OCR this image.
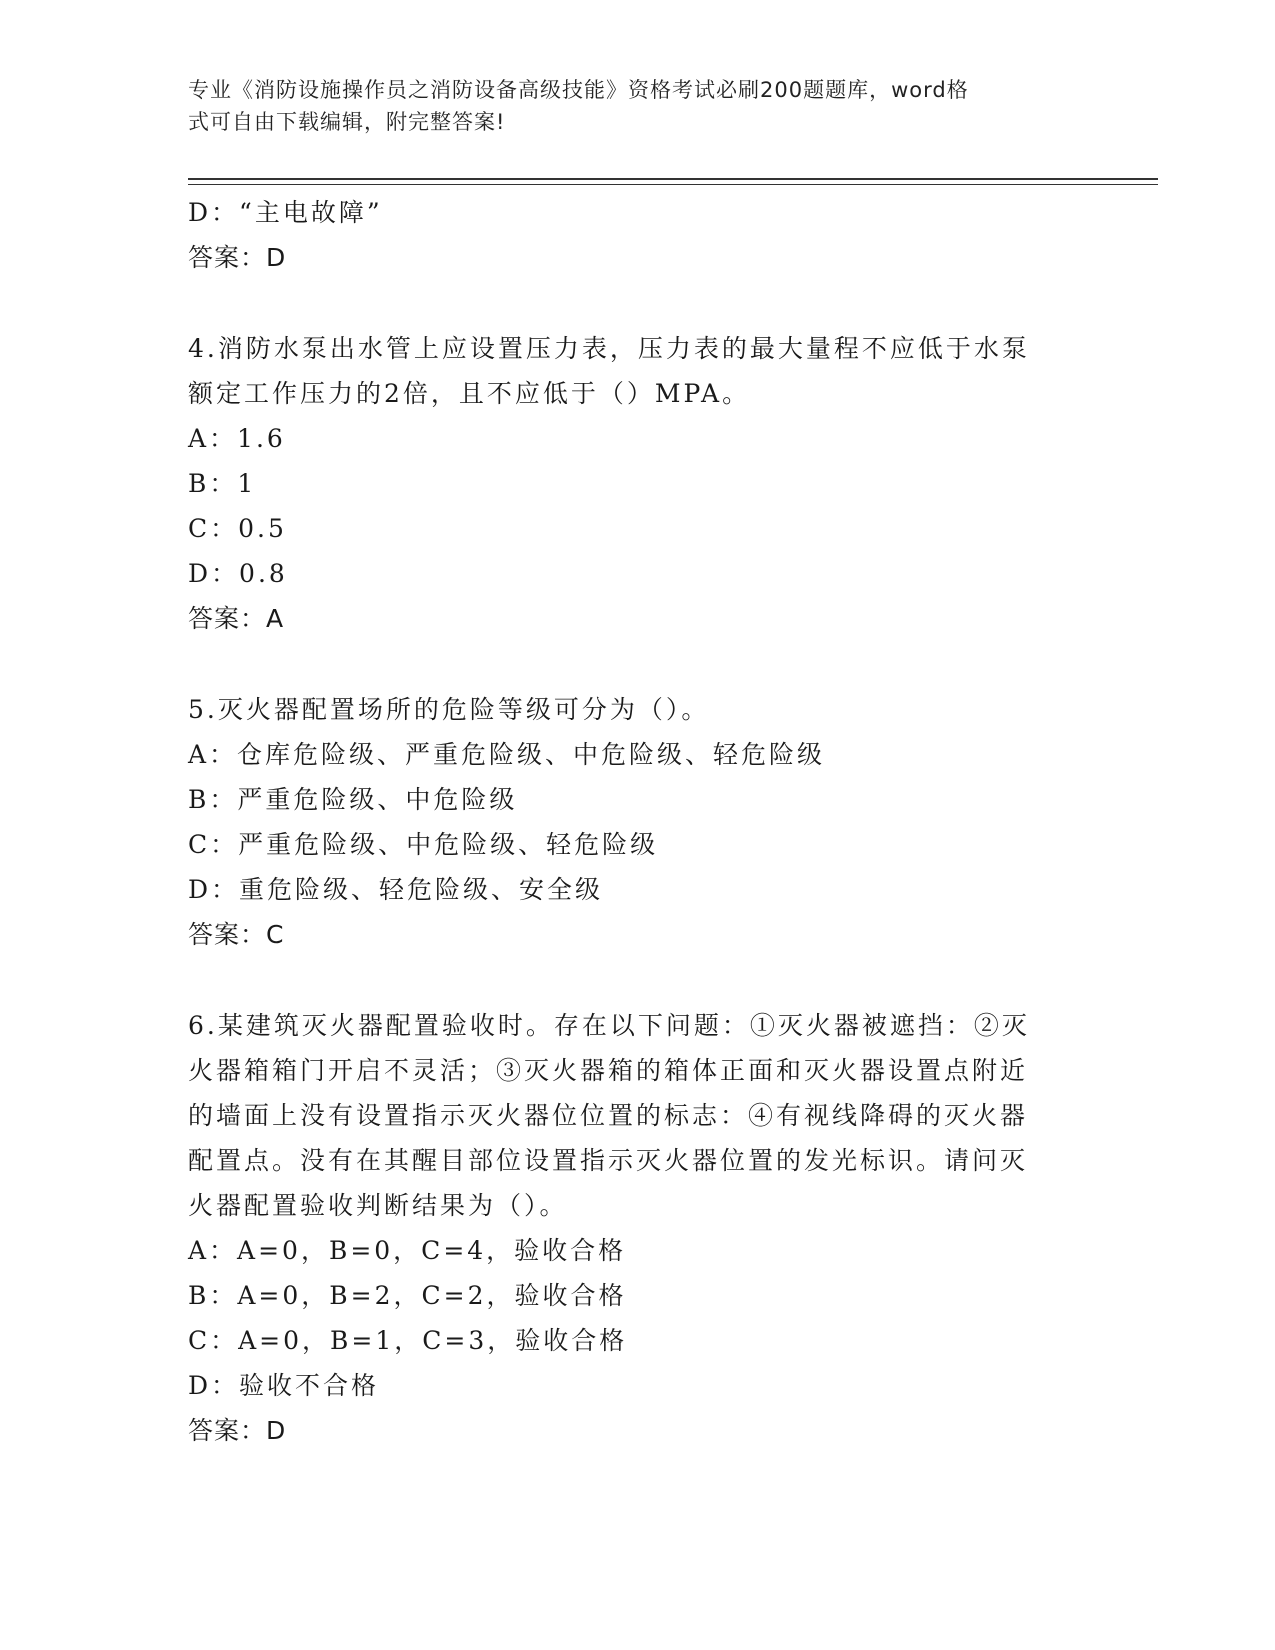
专业《消防设施操作员之消防设备高级技能》资格考试必刷200题题库，word格
式可自由下载编辑，附完整答案!
D：“主电故障”
答案：D
4.消防水泵出水管上应设置压力表，压力表的最大量程不应低于水泵
额定工作压力的2倍，且不应低于（）MPA。
A：1.6
B：1
C：0.5
D：0.8
答案：A
5.灭火器配置场所的危险等级可分为（）。
A：仓库危险级、严重危险级、中危险级、轻危险级
B：严重危险级、中危险级
C：严重危险级、中危险级、轻危险级
D：重危险级、轻危险级、安全级
答案：C
6.某建筑灭火器配置验收时。存在以下问题：①灭火器被遮挡：②灭
火器箱箱门开启不灵活；③灭火器箱的箱体正面和灭火器设置点附近
的墙面上没有设置指示灭火器位位置的标志：④有视线降碍的灭火器
配置点。没有在其醒目部位设置指示灭火器位置的发光标识。请问灭
火器配置验收判断结果为（）。
A：A=0，B=0，C=4，验收合格
B：A=0，B=2，C=2，验收合格
C：A=0，B=1，C=3，验收合格
D：验收不合格
答案：D
